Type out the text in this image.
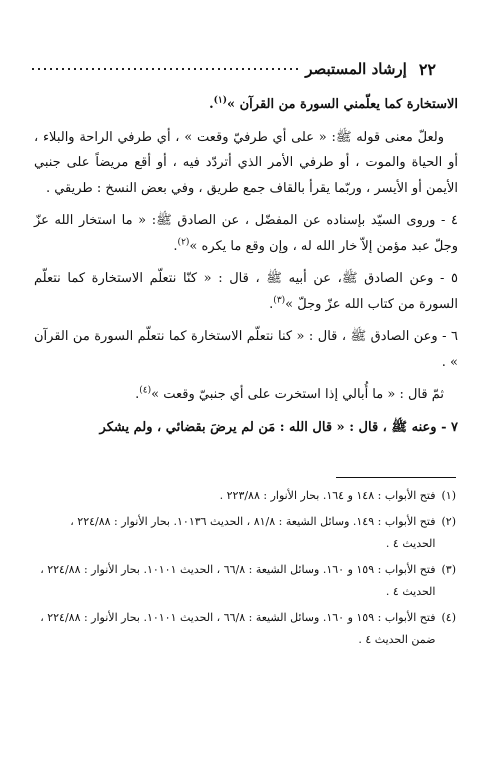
٢٢
إرشاد المستبصر

الاستخارة كما يعلّمني السورة من القرآن »$^{(١)}$.

ولعلّ معنى قوله ﷺ: « على أي طرفيّ وقعت » ، أي طرفي الراحة والبلاء ، أو الحياة والموت ، أو طرفي الأمر الذي أتردّد فيه ، أو أقع مريضاً على جنبي الأيمن أو الأيسر ، وربّما يقرأ بالقاف جمع طريق ، وفي بعض النسخ : طريقي .

٤ - وروى السيّد بإسناده عن المفضّل ، عن الصادق ﷺ: « ما استخار الله عزّ وجلّ عبد مؤمن إلاّ خار الله له ، وإن وقع ما يكره »$^{(٢)}$.

٥ - وعن الصادق ﷺ، عن أبيه ﷺ ، قال : « كنّا نتعلّم الاستخارة كما نتعلّم السورة من كتاب الله عزّ وجلّ »$^{(٣)}$.

٦ - وعن الصادق ﷺ ، قال : « كنا نتعلّم الاستخارة كما نتعلّم السورة من القرآن » .

ثمّ قال : « ما أُبالي إذا استخرت على أي جنبيّ وقعت »$^{(٤)}$.

٧ - وعنه ﷺ ، قال : « قال الله : مَن لم يرضَ بقضائي ، ولم يشكر

(١)
فتح الأبواب : ١٤٨ و ١٦٤. بحار الأنوار : ٢٢٣/٨٨ .
(٢)
فتح الأبواب : ١٤٩. وسائل الشيعة : ٨١/٨ ، الحديث ١٠١٣٦. بحار الأنوار : ٢٢٤/٨٨ ، الحديث ٤ .
(٣)
فتح الأبواب : ١٥٩ و ١٦٠. وسائل الشيعة : ٦٦/٨ ، الحديث ١٠١٠١. بحار الأنوار : ٢٢٤/٨٨ ، الحديث ٤ .
(٤)
فتح الأبواب : ١٥٩ و ١٦٠. وسائل الشيعة : ٦٦/٨ ، الحديث ١٠١٠١. بحار الأنوار : ٢٢٤/٨٨ ، ضمن الحديث ٤ .
